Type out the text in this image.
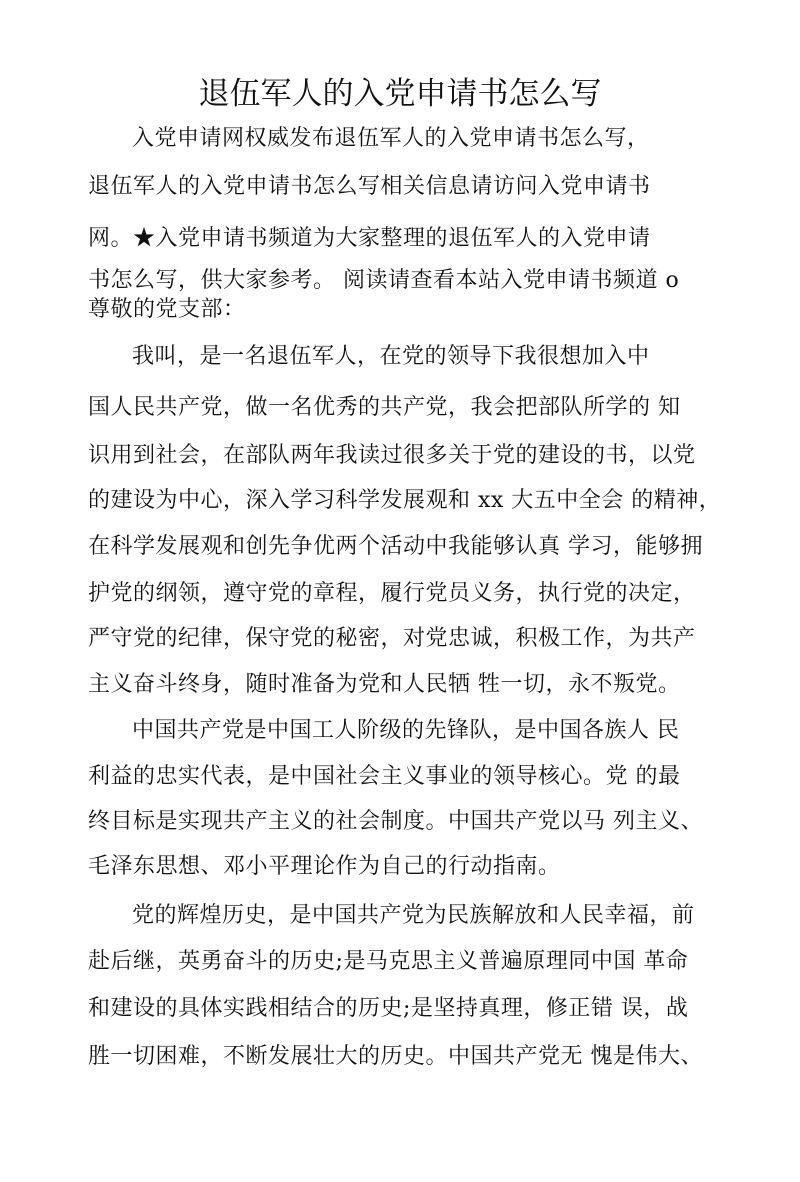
退伍军人的入党申请书怎么写
入党申请网权威发布退伍军人的入党申请书怎么写，
退伍军人的入党申请书怎么写相关信息请访问入党申请书
网。★入党申请书频道为大家整理的退伍军人的入党申请
书怎么写，供大家参考。 阅读请查看本站入党申请书频道 o
尊敬的党支部：
我叫，是一名退伍军人，在党的领导下我很想加入中
国人民共产党，做一名优秀的共产党，我会把部队所学的 知
识用到社会，在部队两年我读过很多关于党的建设的书，以党
的建设为中心，深入学习科学发展观和 xx 大五中全会 的精神，
在科学发展观和创先争优两个活动中我能够认真 学习，能够拥
护党的纲领，遵守党的章程，履行党员义务，执行党的决定，
严守党的纪律，保守党的秘密，对党忠诚，积极工作，为共产
主义奋斗终身，随时准备为党和人民牺 牲一切，永不叛党。
中国共产党是中国工人阶级的先锋队，是中国各族人 民
利益的忠实代表，是中国社会主义事业的领导核心。党 的最
终目标是实现共产主义的社会制度。中国共产党以马 列主义、
毛泽东思想、邓小平理论作为自己的行动指南。
党的辉煌历史，是中国共产党为民族解放和人民幸福，前
赴后继，英勇奋斗的历史;是马克思主义普遍原理同中国 革命
和建设的具体实践相结合的历史;是坚持真理，修正错 误，战
胜一切困难，不断发展壮大的历史。中国共产党无 愧是伟大、
